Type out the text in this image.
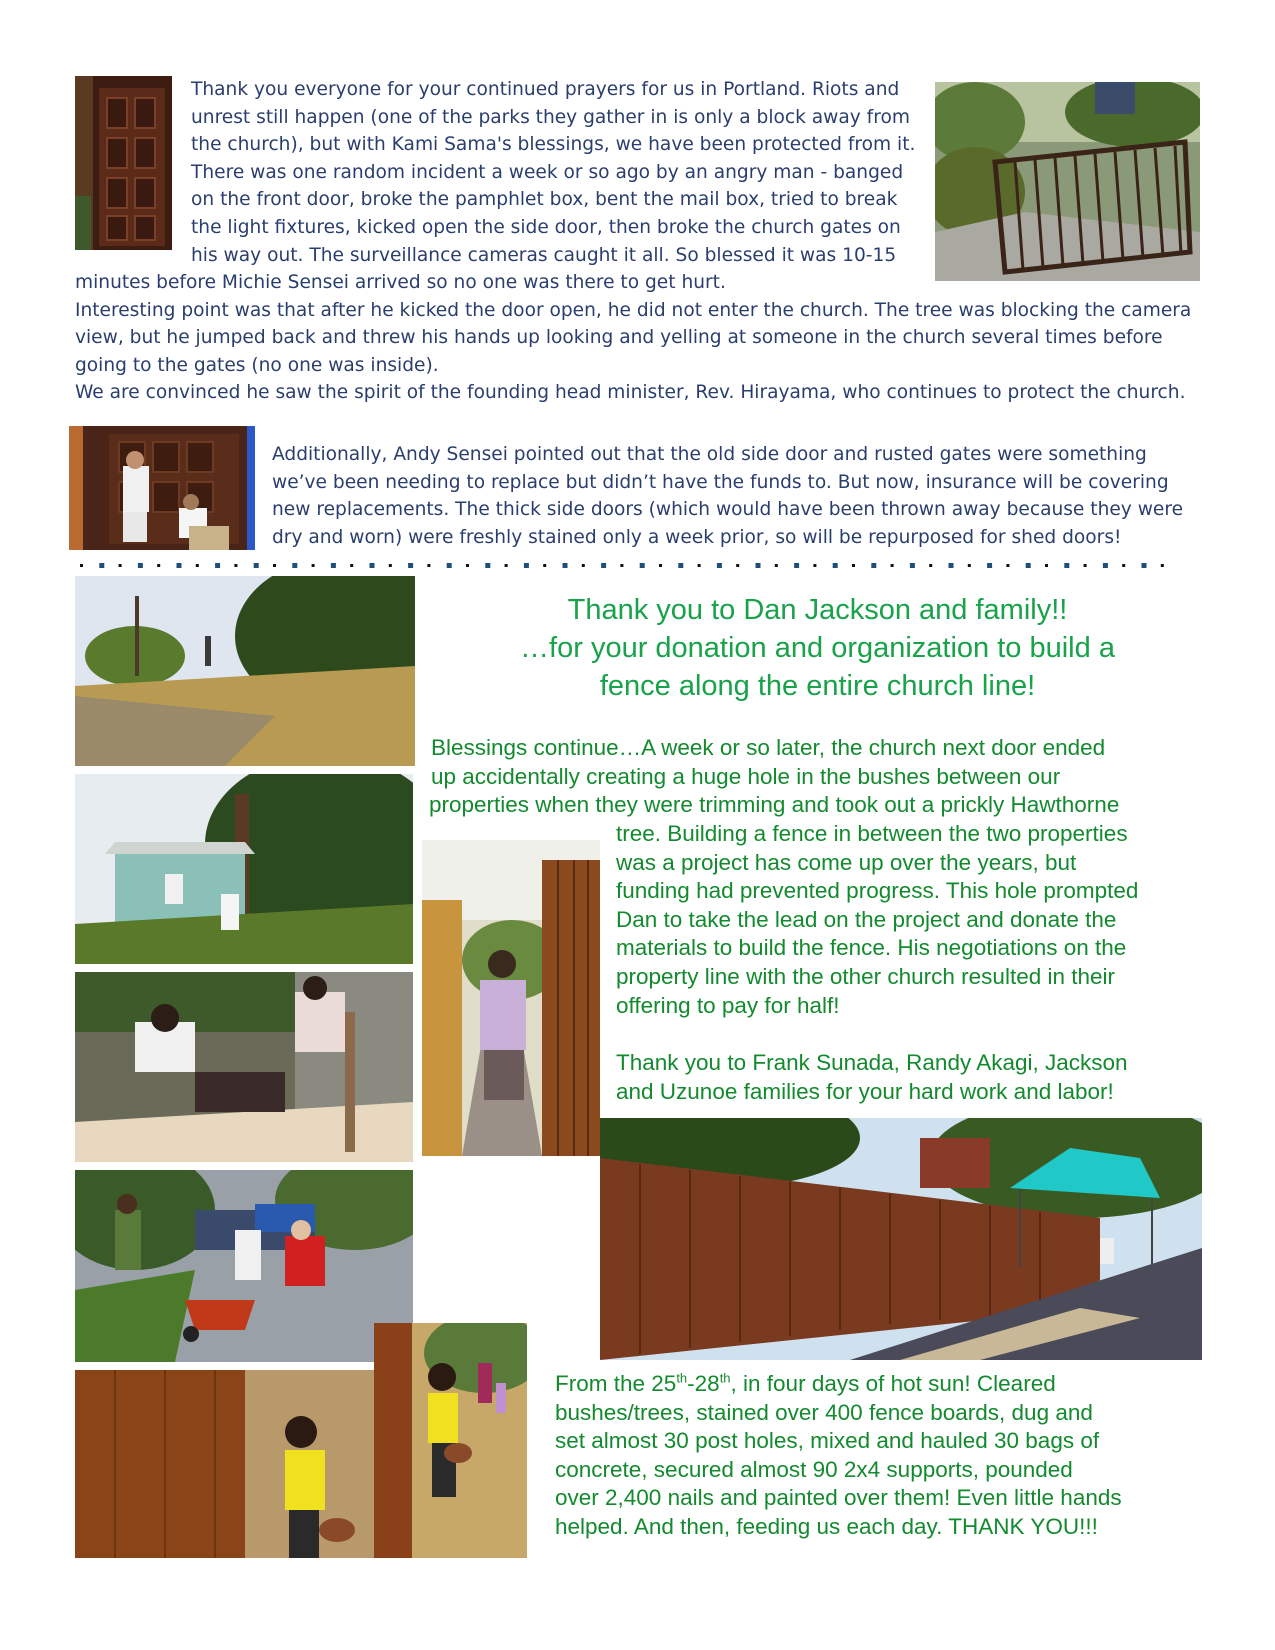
Thank you everyone for your continued prayers for us in Portland. Riots and
unrest still happen (one of the parks they gather in is only a block away from
the church), but with Kami Sama's blessings, we have been protected from it.
There was one random incident a week or so ago by an angry man - banged
on the front door, broke the pamphlet box, bent the mail box, tried to break
the light fixtures, kicked open the side door, then broke the church gates on
his way out. The surveillance cameras caught it all. So blessed it was 10-15
minutes before Michie Sensei arrived so no one was there to get hurt.
Interesting point was that after he kicked the door open, he did not enter the church. The tree was blocking the camera
view, but he jumped back and threw his hands up looking and yelling at someone in the church several times before
going to the gates (no one was inside).
We are convinced he saw the spirit of the founding head minister, Rev. Hirayama, who continues to protect the church.
Additionally, Andy Sensei pointed out that the old side door and rusted gates were something
we’ve been needing to replace but didn’t have the funds to. But now, insurance will be covering
new replacements. The thick side doors (which would have been thrown away because they were
dry and worn) were freshly stained only a week prior, so will be repurposed for shed doors!
Thank you to Dan Jackson and family!!
…for your donation and organization to build a
fence along the entire church line!
Blessings continue…A week or so later, the church next door ended
up accidentally creating a huge hole in the bushes between our
properties when they were trimming and took out a prickly Hawthorne
tree. Building a fence in between the two properties
was a project has come up over the years, but
funding had prevented progress. This hole prompted
Dan to take the lead on the project and donate the
materials to build the fence. His negotiations on the
property line with the other church resulted in their
offering to pay for half!
Thank you to Frank Sunada, Randy Akagi, Jackson
and Uzunoe families for your hard work and labor!
From the 25th-28th, in four days of hot sun! Cleared
bushes/trees, stained over 400 fence boards, dug and
set almost 30 post holes, mixed and hauled 30 bags of
concrete, secured almost 90 2x4 supports, pounded
over 2,400 nails and painted over them! Even little hands
helped. And then, feeding us each day. THANK YOU!!!
